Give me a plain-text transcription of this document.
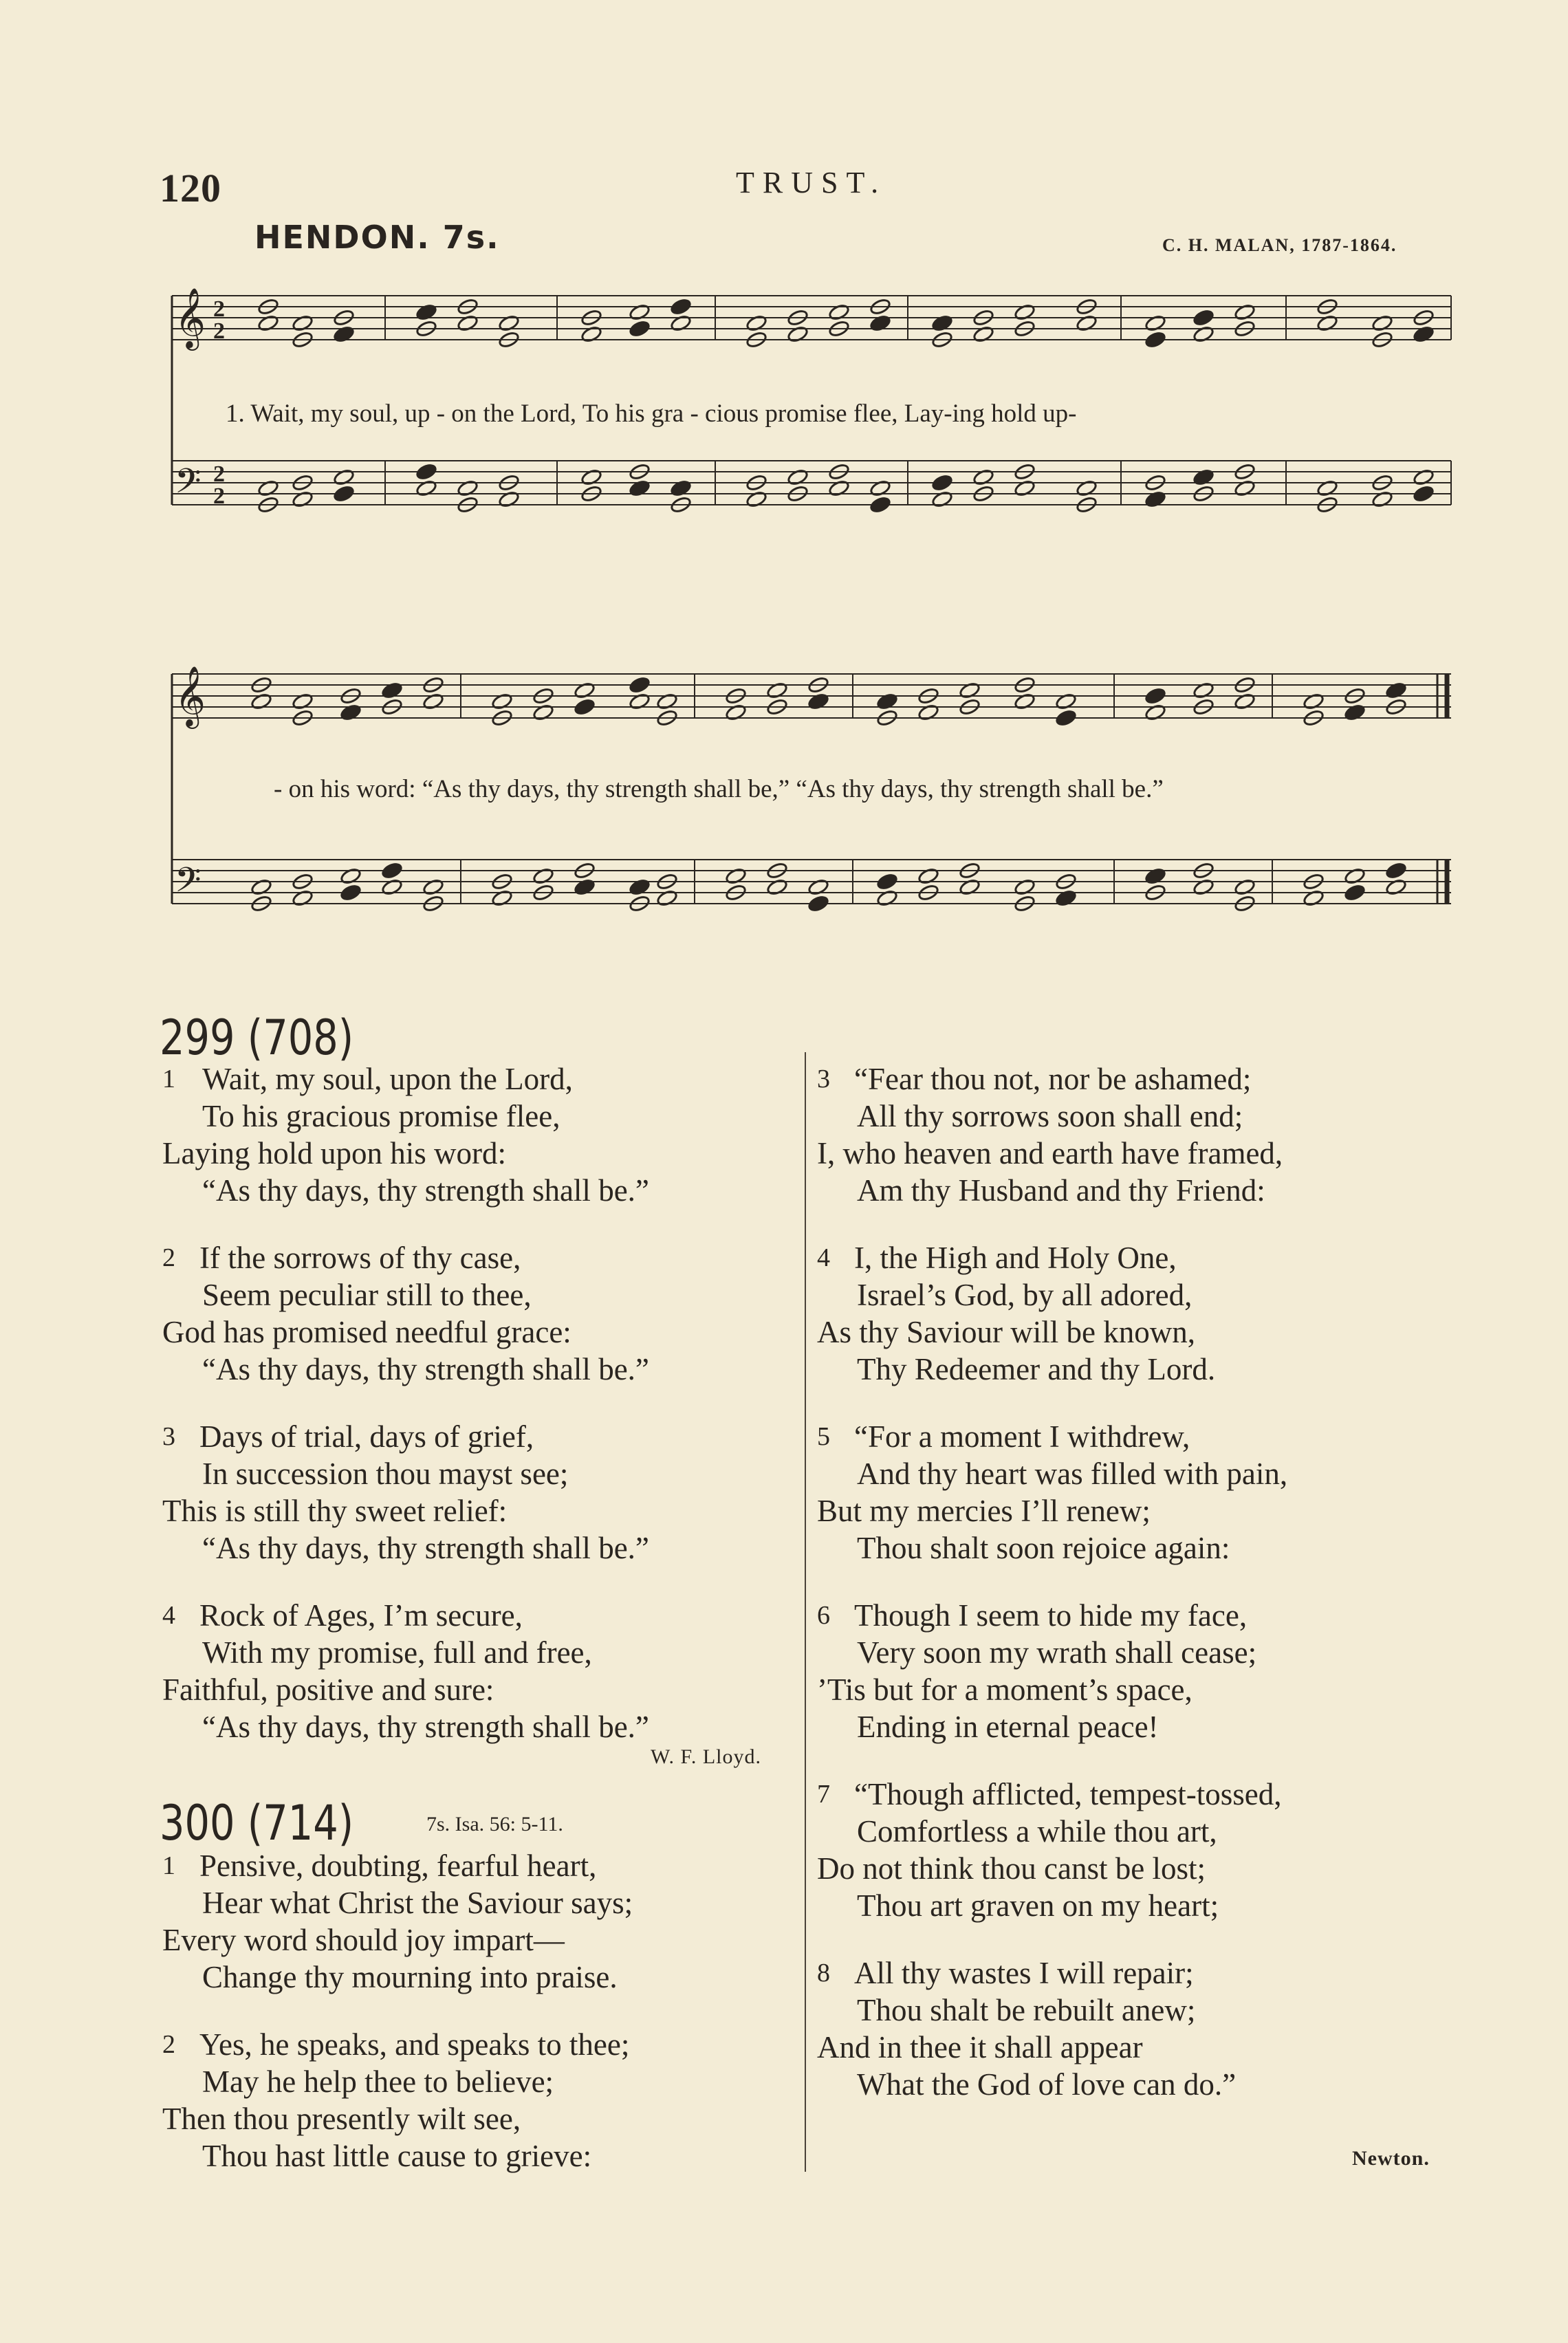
120	TRUST.
HENDON. 7s.	C. H. MALAN, 1787-1864.
𝄞
𝄢
2
2
2
2
𝄞
𝄢
1. Wait, my soul, up - on the Lord, To his gra - cious promise flee, Lay-ing hold up-
- on his word: “As thy days, thy strength shall be,” “As thy days, thy strength shall be.”
299 (708)
1 Wait, my soul, upon the Lord,
To his gracious promise flee,
Laying hold upon his word:
“As thy days, thy strength shall be.”
2 If the sorrows of thy case,
Seem peculiar still to thee,
God has promised needful grace:
“As thy days, thy strength shall be.”
3 Days of trial, days of grief,
In succession thou mayst see;
This is still thy sweet relief:
“As thy days, thy strength shall be.”
4 Rock of Ages, I’m secure,
With my promise, full and free,
Faithful, positive and sure:
“As thy days, thy strength shall be.”
W. F. Lloyd.
300 (714)	7s. Isa. 56: 5-11.
1 Pensive, doubting, fearful heart,
Hear what Christ the Saviour says;
Every word should joy impart—
Change thy mourning into praise.
2 Yes, he speaks, and speaks to thee;
May he help thee to believe;
Then thou presently wilt see,
Thou hast little cause to grieve:
3 “Fear thou not, nor be ashamed;
All thy sorrows soon shall end;
I, who heaven and earth have framed,
Am thy Husband and thy Friend:
4 I, the High and Holy One,
Israel’s God, by all adored,
As thy Saviour will be known,
Thy Redeemer and thy Lord.
5 “For a moment I withdrew,
And thy heart was filled with pain,
But my mercies I’ll renew;
Thou shalt soon rejoice again:
6 Though I seem to hide my face,
Very soon my wrath shall cease;
’Tis but for a moment’s space,
Ending in eternal peace!
7 “Though afflicted, tempest-tossed,
Comfortless a while thou art,
Do not think thou canst be lost;
Thou art graven on my heart;
8 All thy wastes I will repair;
Thou shalt be rebuilt anew;
And in thee it shall appear
What the God of love can do.”
Newton.
